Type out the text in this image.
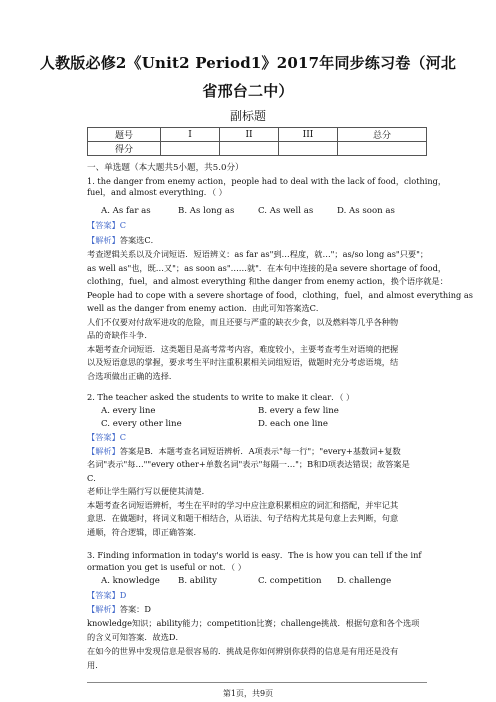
人教版必修2《Unit2 Period1》2017年同步练习卷（河北
省邢台二中）
副标题
题号	I	II	III	总分
得分				
一、单选题（本大题共5小题，共5.0分）
1. the danger from enemy action，people had to deal with the lack of food，clothing，
fuel，and almost everything．（ ）
A. As far as	B. As long as	C. As well as	D. As soon as
【答案】C
【解析】答案选C．
考查逻辑关系以及介词短语．短语辨义：as far as"到…程度，就…"；as/so long as"只要"；
as well as"也，既…又"；as soon as"……就"．在本句中连接的是a severe shortage of food，
clothing，fuel，and almost everything 和the danger from enemy action，换个语序就是：
People had to cope with a severe shortage of food，clothing，fuel，and almost everything as
well as the danger from enemy action．由此可知答案选C．
人们不仅要对付敌军进攻的危险，而且还要与严重的缺衣少食，以及燃料等几乎各种物
品的奇缺作斗争．
本题考查介词短语．这类题目是高考常考内容，难度较小，主要考查考生对语境的把握
以及短语意思的掌握，要求考生平时注重积累相关词组短语，做题时充分考虑语境，结
合选项做出正确的选择．
2. The teacher asked the students to write to make it clear．（ ）
A. every line	B. every a few line
C. every other line	D. each one line
【答案】C
【解析】答案是B．本题考查名词短语辨析．A项表示"每一行"；"every+基数词+复数
名词"表示"每…""every other+单数名词"表示"每隔一…"；B和D项表达错误；故答案是
C．
老师让学生隔行写以便使其清楚．
本题考查名词短语辨析，考生在平时的学习中应注意积累相应的词汇和搭配，并牢记其
意思．在做题时，将词义和题干相结合，从语法、句子结构尤其是句意上去判断，句意
通顺，符合逻辑，即正确答案．
3. Finding information in today's world is easy．The is how you can tell if the inf
ormation you get is useful or not．（ ）
A. knowledge B. ability	C. competition D. challenge
【答案】D
【解析】答案：D
knowledge知识；ability能力；competition比赛；challenge挑战．根据句意和各个选项
的含义可知答案．故选D．
在如今的世界中发现信息是很容易的．挑战是你如何辨别你获得的信息是有用还是没有
用．
第1页，共9页
